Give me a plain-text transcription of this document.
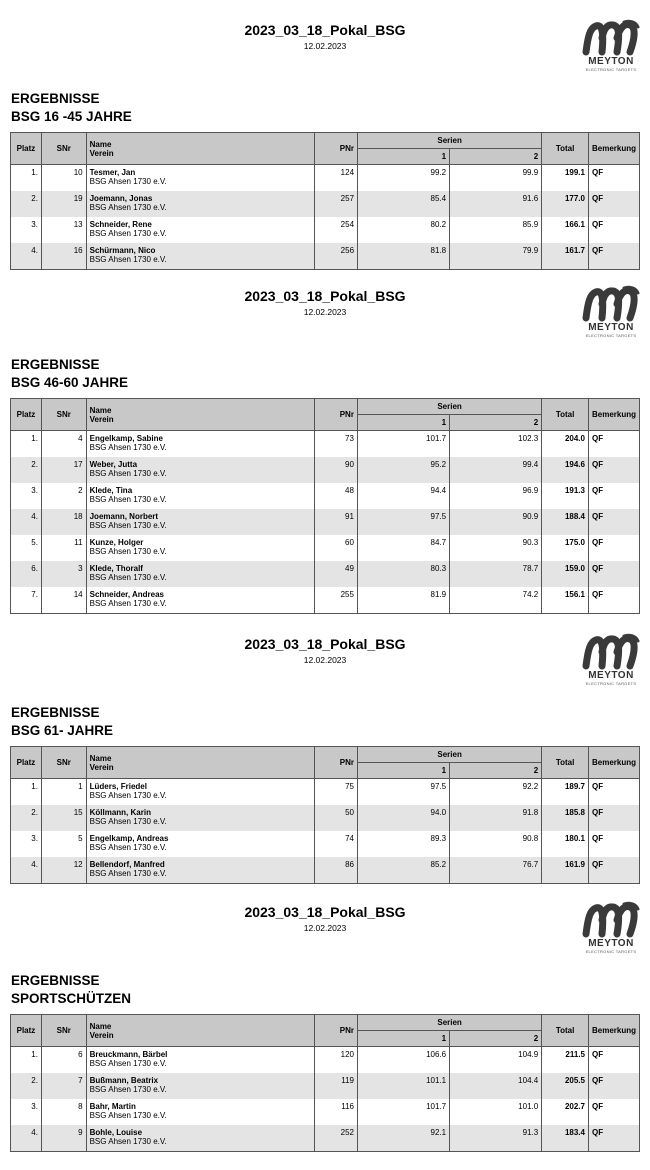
2023_03_18_Pokal_BSG
12.02.2023
MEYTON
ELECTRONIC TARGETS
ERGEBNISSE
BSG 16 -45 JAHRE
Platz	SNr	Name
Verein	PNr	Serien		Total	Bemerkung
				1	2		

1.	10	Tesmer, Jan
BSG Ahsen 1730 e.V.	124	99.2	99.9	199.1	QF

2.	19	Joemann, Jonas
BSG Ahsen 1730 e.V.	257	85.4	91.6	177.0	QF

3.	13	Schneider, Rene
BSG Ahsen 1730 e.V.	254	80.2	85.9	166.1	QF

4.	16	Schürmann, Nico
BSG Ahsen 1730 e.V.	256	81.8	79.9	161.7	QF
2023_03_18_Pokal_BSG
12.02.2023
MEYTON
ELECTRONIC TARGETS
ERGEBNISSE
BSG 46-60 JAHRE
Platz	SNr	Name
Verein	PNr	Serien		Total	Bemerkung
				1	2		

1.	4	Engelkamp, Sabine
BSG Ahsen 1730 e.V.	73	101.7	102.3	204.0	QF

2.	17	Weber, Jutta
BSG Ahsen 1730 e.V.	90	95.2	99.4	194.6	QF

3.	2	Klede, Tina
BSG Ahsen 1730 e.V.	48	94.4	96.9	191.3	QF

4.	18	Joemann, Norbert
BSG Ahsen 1730 e.V.	91	97.5	90.9	188.4	QF

5.	11	Kunze, Holger
BSG Ahsen 1730 e.V.	60	84.7	90.3	175.0	QF

6.	3	Klede, Thoralf
BSG Ahsen 1730 e.V.	49	80.3	78.7	159.0	QF

7.	14	Schneider, Andreas
BSG Ahsen 1730 e.V.	255	81.9	74.2	156.1	QF
2023_03_18_Pokal_BSG
12.02.2023
MEYTON
ELECTRONIC TARGETS
ERGEBNISSE
BSG 61- JAHRE
Platz	SNr	Name
Verein	PNr	Serien		Total	Bemerkung
				1	2		

1.	1	Lüders, Friedel
BSG Ahsen 1730 e.V.	75	97.5	92.2	189.7	QF

2.	15	Köllmann, Karin
BSG Ahsen 1730 e.V.	50	94.0	91.8	185.8	QF

3.	5	Engelkamp, Andreas
BSG Ahsen 1730 e.V.	74	89.3	90.8	180.1	QF

4.	12	Bellendorf, Manfred
BSG Ahsen 1730 e.V.	86	85.2	76.7	161.9	QF
2023_03_18_Pokal_BSG
12.02.2023
MEYTON
ELECTRONIC TARGETS
ERGEBNISSE
SPORTSCHÜTZEN
Platz	SNr	Name
Verein	PNr	Serien		Total	Bemerkung
				1	2		

1.	6	Breuckmann, Bärbel
BSG Ahsen 1730 e.V.	120	106.6	104.9	211.5	QF

2.	7	Bußmann, Beatrix
BSG Ahsen 1730 e.V.	119	101.1	104.4	205.5	QF

3.	8	Bahr, Martin
BSG Ahsen 1730 e.V.	116	101.7	101.0	202.7	QF

4.	9	Bohle, Louise
BSG Ahsen 1730 e.V.	252	92.1	91.3	183.4	QF
